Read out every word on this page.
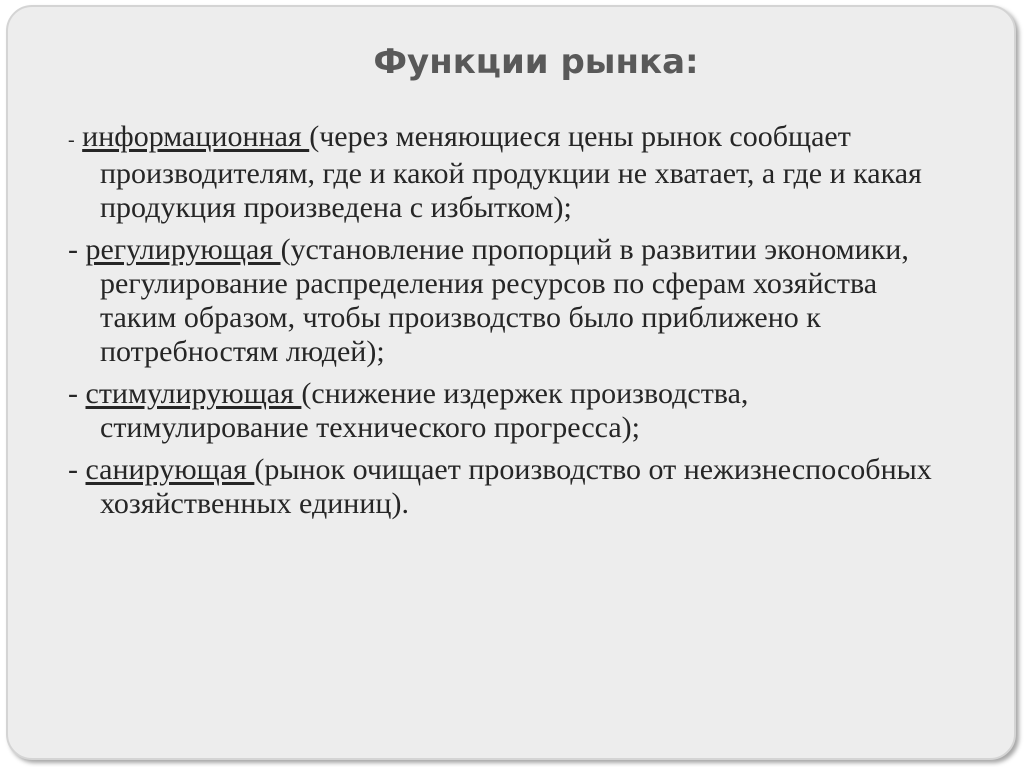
Функции рынка:

- информационная (через меняющиеся цены рынок сообщает производителям, где и какой продукции не хватает, а где и какая продукция произведена с избытком);

- регулирующая (установление пропорций в развитии экономики, регулирование распределения ресурсов по сферам хозяйства таким образом, чтобы производство было приближено к потребностям людей);

- стимулирующая (снижение издержек производства, стимулирование технического прогресса);

- санирующая (рынок очищает производство от нежизнеспособных хозяйственных единиц).
